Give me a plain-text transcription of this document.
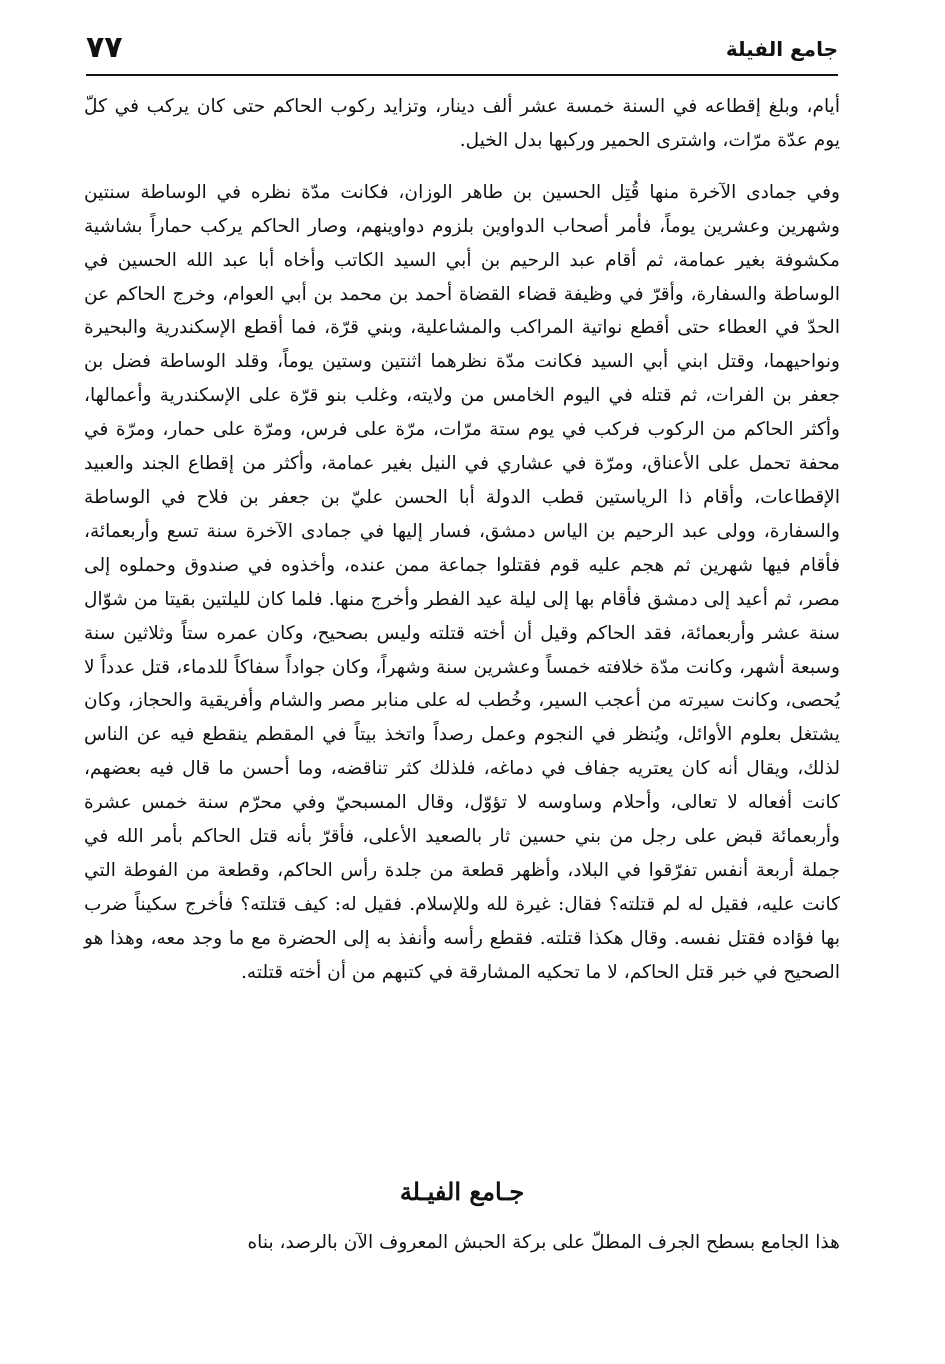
٧٧	جامع الفيلة

أيام، وبلغ إقطاعه في السنة خمسة عشر ألف دينار، وتزايد ركوب الحاكم حتى كان يركب في كلّ يوم عدّة مرّات، واشترى الحمير وركبها بدل الخيل.

وفي جمادى الآخرة منها قُتِل الحسين بن طاهر الوزان، فكانت مدّة نظره في الوساطة سنتين وشهرين وعشرين يوماً، فأمر أصحاب الدواوين بلزوم دواوينهم، وصار الحاكم يركب حماراً بشاشية مكشوفة بغير عمامة، ثم أقام عبد الرحيم بن أبي السيد الكاتب وأخاه أبا عبد الله الحسين في الوساطة والسفارة، وأقرّ في وظيفة قضاء القضاة أحمد بن محمد بن أبي العوام، وخرج الحاكم عن الحدّ في العطاء حتى أقطع نواتية المراكب والمشاعلية، وبني قرّة، فما أقطع الإسكندرية والبحيرة ونواحيهما، وقتل ابني أبي السيد فكانت مدّة نظرهما اثنتين وستين يوماً، وقلد الوساطة فضل بن جعفر بن الفرات، ثم قتله في اليوم الخامس من ولايته، وغلب بنو قرّة على الإسكندرية وأعمالها، وأكثر الحاكم من الركوب فركب في يوم ستة مرّات، مرّة على فرس، ومرّة على حمار، ومرّة في محفة تحمل على الأعناق، ومرّة في عشاري في النيل بغير عمامة، وأكثر من إقطاع الجند والعبيد الإقطاعات، وأقام ذا الرياستين قطب الدولة أبا الحسن عليّ بن جعفر بن فلاح في الوساطة والسفارة، وولى عبد الرحيم بن الياس دمشق، فسار إليها في جمادى الآخرة سنة تسع وأربعمائة، فأقام فيها شهرين ثم هجم عليه قوم فقتلوا جماعة ممن عنده، وأخذوه في صندوق وحملوه إلى مصر، ثم أعيد إلى دمشق فأقام بها إلى ليلة عيد الفطر وأخرج منها. فلما كان لليلتين بقيتا من شوّال سنة عشر وأربعمائة، فقد الحاكم وقيل أن أخته قتلته وليس بصحيح، وكان عمره ستاً وثلاثين سنة وسبعة أشهر، وكانت مدّة خلافته خمساً وعشرين سنة وشهراً، وكان جواداً سفاكاً للدماء، قتل عدداً لا يُحصى، وكانت سيرته من أعجب السير، وخُطب له على منابر مصر والشام وأفريقية والحجاز، وكان يشتغل بعلوم الأوائل، ويُنظر في النجوم وعمل رصداً واتخذ بيتاً في المقطم ينقطع فيه عن الناس لذلك، ويقال أنه كان يعتريه جفاف في دماغه، فلذلك كثر تناقضه، وما أحسن ما قال فيه بعضهم، كانت أفعاله لا تعالى، وأحلام وساوسه لا تؤوّل، وقال المسبحيّ وفي محرّم سنة خمس عشرة وأربعمائة قبض على رجل من بني حسين ثار بالصعيد الأعلى، فأقرّ بأنه قتل الحاكم بأمر الله في جملة أربعة أنفس تفرّقوا في البلاد، وأظهر قطعة من جلدة رأس الحاكم، وقطعة من الفوطة التي كانت عليه، فقيل له لم قتلته؟ فقال: غيرة لله وللإسلام. فقيل له: كيف قتلته؟ فأخرج سكيناً ضرب بها فؤاده فقتل نفسه. وقال هكذا قتلته. فقطع رأسه وأنفذ به إلى الحضرة مع ما وجد معه، وهذا هو الصحيح في خبر قتل الحاكم، لا ما تحكيه المشارقة في كتبهم من أن أخته قتلته.

جـامع الفيـلة
هذا الجامع بسطح الجرف المطلّ على بركة الحبش المعروف الآن بالرصد، بناه
